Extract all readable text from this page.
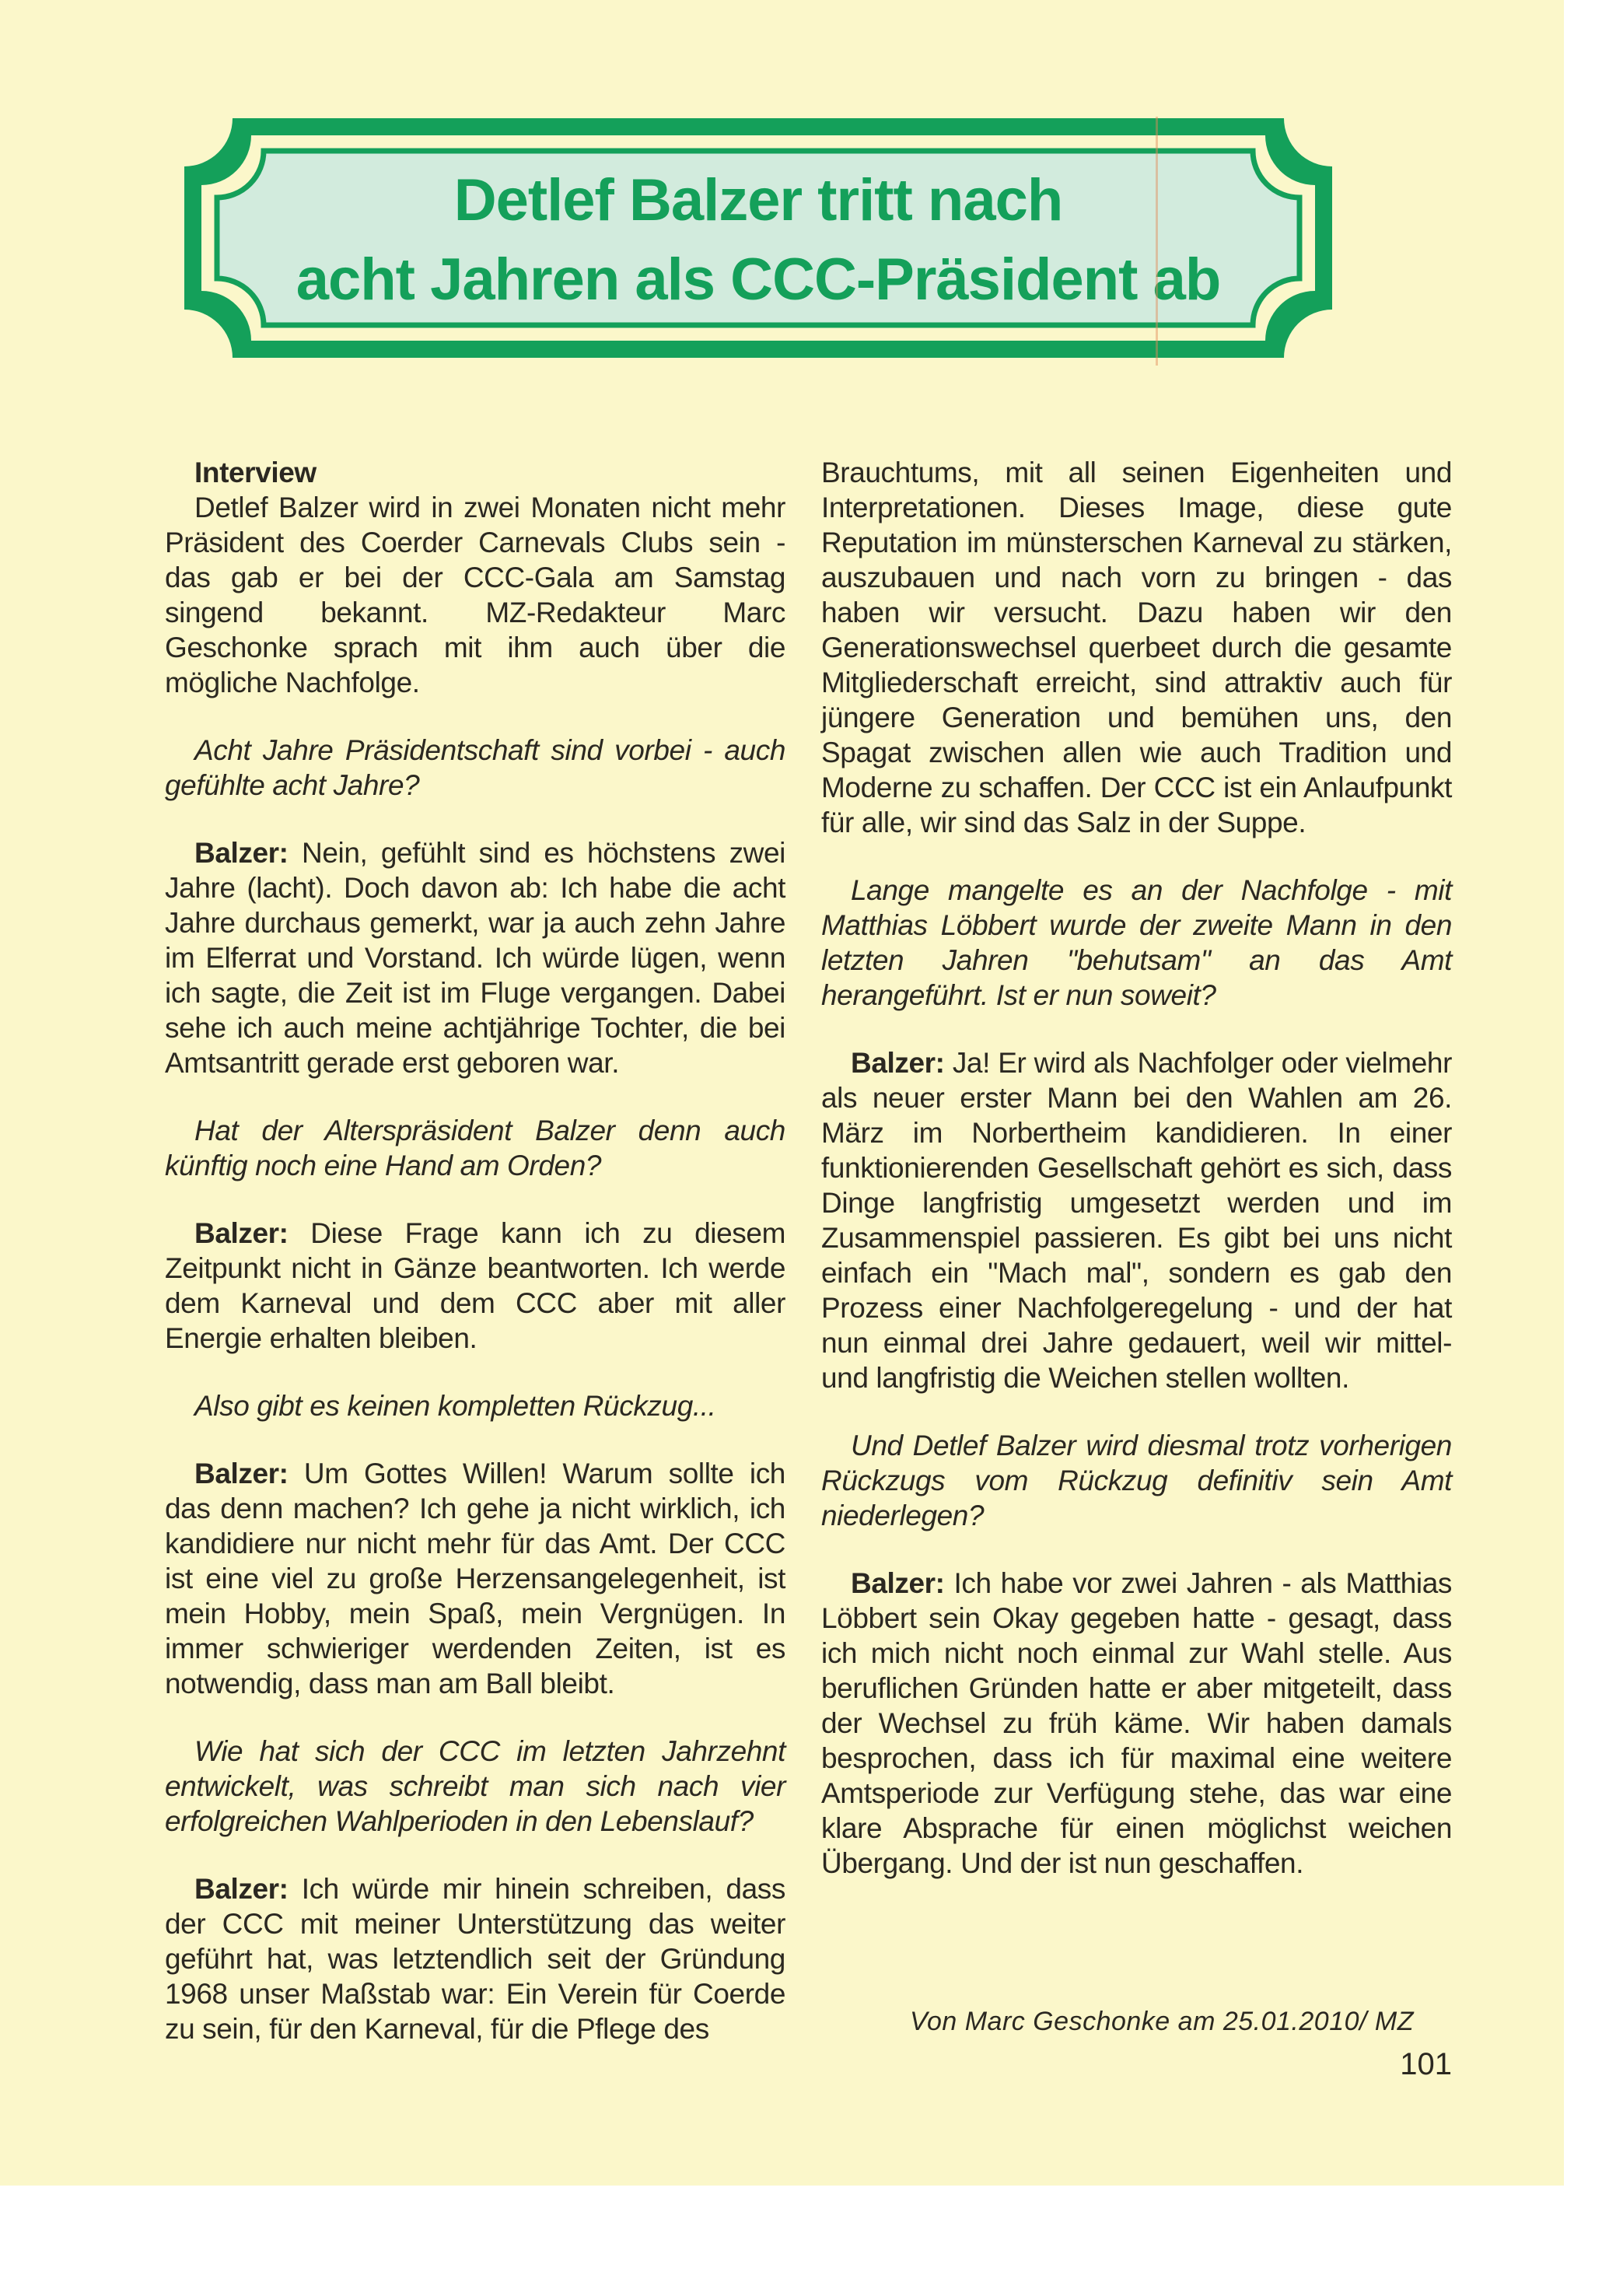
Detlef Balzer tritt nach
acht Jahren als CCC-Präsident ab

Interview

Detlef Balzer wird in zwei Monaten nicht mehr Präsident des Coerder Carnevals Clubs sein - das gab er bei der CCC-Gala am Samstag singend bekannt. MZ-Redakteur Marc Geschonke sprach mit ihm auch über die mögliche Nachfolge.

Acht Jahre Präsidentschaft sind vorbei - auch gefühlte acht Jahre?

Balzer: Nein, gefühlt sind es höchstens zwei Jahre (lacht). Doch davon ab: Ich habe die acht Jahre durchaus gemerkt, war ja auch zehn Jahre im Elferrat und Vorstand. Ich würde lügen, wenn ich sagte, die Zeit ist im Fluge vergangen. Dabei sehe ich auch meine achtjährige Tochter, die bei Amtsantritt gerade erst geboren war.

Hat der Alterspräsident Balzer denn auch künftig noch eine Hand am Orden?

Balzer: Diese Frage kann ich zu diesem Zeitpunkt nicht in Gänze beantworten. Ich werde dem Karneval und dem CCC aber mit aller Energie erhalten bleiben.

Also gibt es keinen kompletten Rückzug...

Balzer: Um Gottes Willen! Warum sollte ich das denn machen? Ich gehe ja nicht wirklich, ich kandidiere nur nicht mehr für das Amt. Der CCC ist eine viel zu große Herzensangelegenheit, ist mein Hobby, mein Spaß, mein Vergnügen. In immer schwieriger werdenden Zeiten, ist es notwendig, dass man am Ball bleibt.

Wie hat sich der CCC im letzten Jahrzehnt entwickelt, was schreibt man sich nach vier erfolgreichen Wahlperioden in den Lebenslauf?

Balzer: Ich würde mir hinein schreiben, dass der CCC mit meiner Unterstützung das weiter geführt hat, was letztendlich seit der Gründung 1968 unser Maßstab war: Ein Verein für Coerde zu sein, für den Karneval, für die Pflege des

Brauchtums, mit all seinen Eigenheiten und Interpretationen. Dieses Image, diese gute Reputation im münsterschen Karneval zu stärken, auszubauen und nach vorn zu bringen - das haben wir versucht. Dazu haben wir den Generationswechsel querbeet durch die gesamte Mitgliederschaft erreicht, sind attraktiv auch für jüngere Generation und bemühen uns, den Spagat zwischen allen wie auch Tradition und Moderne zu schaffen. Der CCC ist ein Anlaufpunkt für alle, wir sind das Salz in der Suppe.

Lange mangelte es an der Nachfolge - mit Matthias Löbbert wurde der zweite Mann in den letzten Jahren "behutsam" an das Amt herangeführt. Ist er nun soweit?

Balzer: Ja! Er wird als Nachfolger oder vielmehr als neuer erster Mann bei den Wahlen am 26. März im Norbertheim kandidieren. In einer funktionierenden Gesellschaft gehört es sich, dass Dinge langfristig umgesetzt werden und im Zusammenspiel passieren. Es gibt bei uns nicht einfach ein "Mach mal", sondern es gab den Prozess einer Nachfolgeregelung - und der hat nun einmal drei Jahre gedauert, weil wir mittel- und langfristig die Weichen stellen wollten.

Und Detlef Balzer wird diesmal trotz vorherigen Rückzugs vom Rückzug definitiv sein Amt niederlegen?

Balzer: Ich habe vor zwei Jahren - als Matthias Löbbert sein Okay gegeben hatte - gesagt, dass ich mich nicht noch einmal zur Wahl stelle. Aus beruflichen Gründen hatte er aber mitgeteilt, dass der Wechsel zu früh käme. Wir haben damals besprochen, dass ich für maximal eine weitere Amtsperiode zur Verfügung stehe, das war eine klare Absprache für einen möglichst weichen Übergang. Und der ist nun geschaffen.

Von Marc Geschonke am 25.01.2010/ MZ
101
